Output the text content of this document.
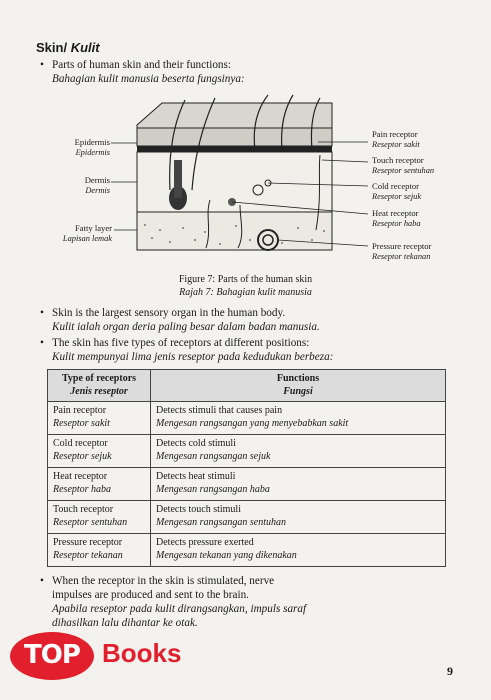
Skin/ Kulit
• Parts of human skin and their functions:
Bahagian kulit manusia beserta fungsinya:
Epidermis
Epidermis
Dermis
Dermis
Fatty layer
Lapisan lemak
Pain receptor
Reseptor sakit
Touch receptor
Reseptor sentuhan
Cold receptor
Reseptor sejuk
Heat receptor
Reseptor haba
Pressure receptor
Reseptor tekanan
Figure 7: Parts of the human skin
Rajah 7: Bahagian kulit manusia
• Skin is the largest sensory organ in the human body.
Kulit ialah organ deria paling besar dalam badan manusia.
• The skin has five types of receptors at different positions:
Kulit mempunyai lima jenis reseptor pada kedudukan berbeza:
Type of receptors
Jenis reseptor	Functions
Fungsi

Pain receptor
Reseptor sakit	Detects stimuli that causes pain
Mengesan rangsangan yang menyebabkan sakit

Cold receptor
Reseptor sejuk	Detects cold stimuli
Mengesan rangsangan sejuk

Heat receptor
Reseptor haba	Detects heat stimuli
Mengesan rangsangan haba

Touch receptor
Reseptor sentuhan	Detects touch stimuli
Mengesan rangsangan sentuhan

Pressure receptor
Reseptor tekanan	Detects pressure exerted
Mengesan tekanan yang dikenakan
• When the receptor in the skin is stimulated, nerve
impulses are produced and sent to the brain.
Apabila reseptor pada kulit dirangsangkan, impuls saraf
dihasilkan lalu dihantar ke otak.
TOP Books
9
